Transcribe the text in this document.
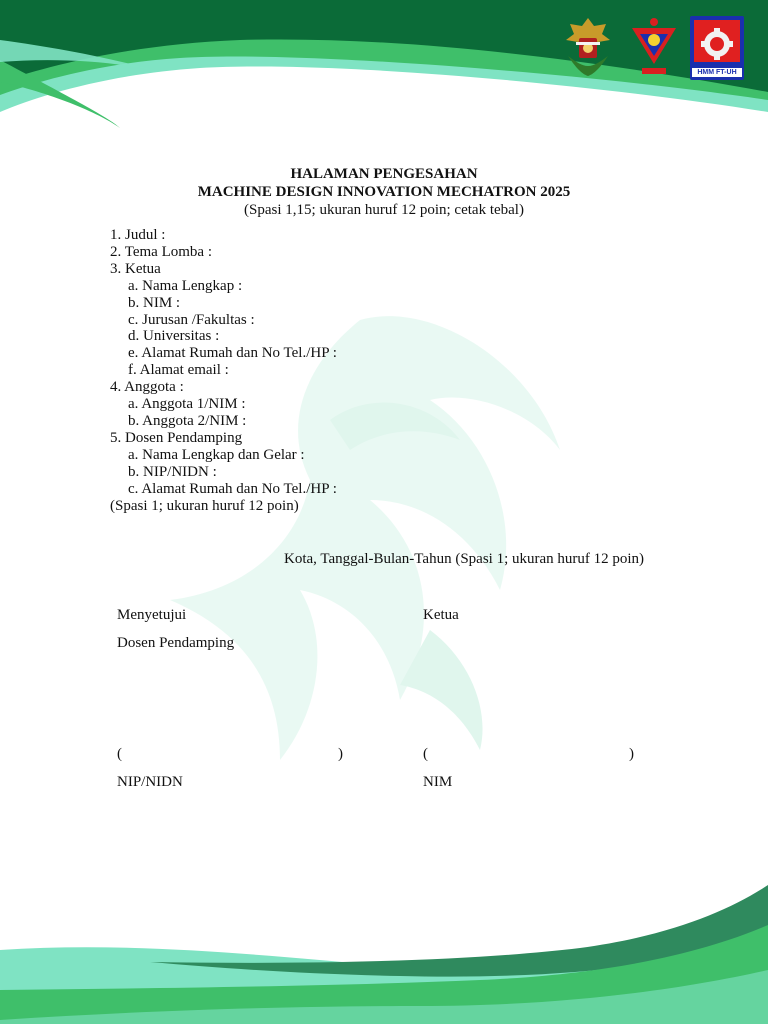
HMM FT-UH
HALAMAN PENGESAHAN
MACHINE DESIGN INNOVATION MECHATRON 2025
(Spasi 1,15; ukuran huruf 12 poin; cetak tebal)
1. Judul :
2. Tema Lomba :
3. Ketua
a. Nama Lengkap :
b. NIM :
c. Jurusan /Fakultas :
d. Universitas :
e. Alamat Rumah dan No Tel./HP :
f. Alamat email :
4. Anggota :
a. Anggota 1/NIM :
b. Anggota 2/NIM :
5. Dosen Pendamping
a. Nama Lengkap dan Gelar :
b. NIP/NIDN :
c. Alamat Rumah dan No Tel./HP :
(Spasi 1; ukuran huruf 12 poin)
Kota, Tanggal-Bulan-Tahun (Spasi 1; ukuran huruf 12 poin)
Menyetujui
Dosen Pendamping
Ketua
(	)	(	)
NIP/NIDN	NIM
